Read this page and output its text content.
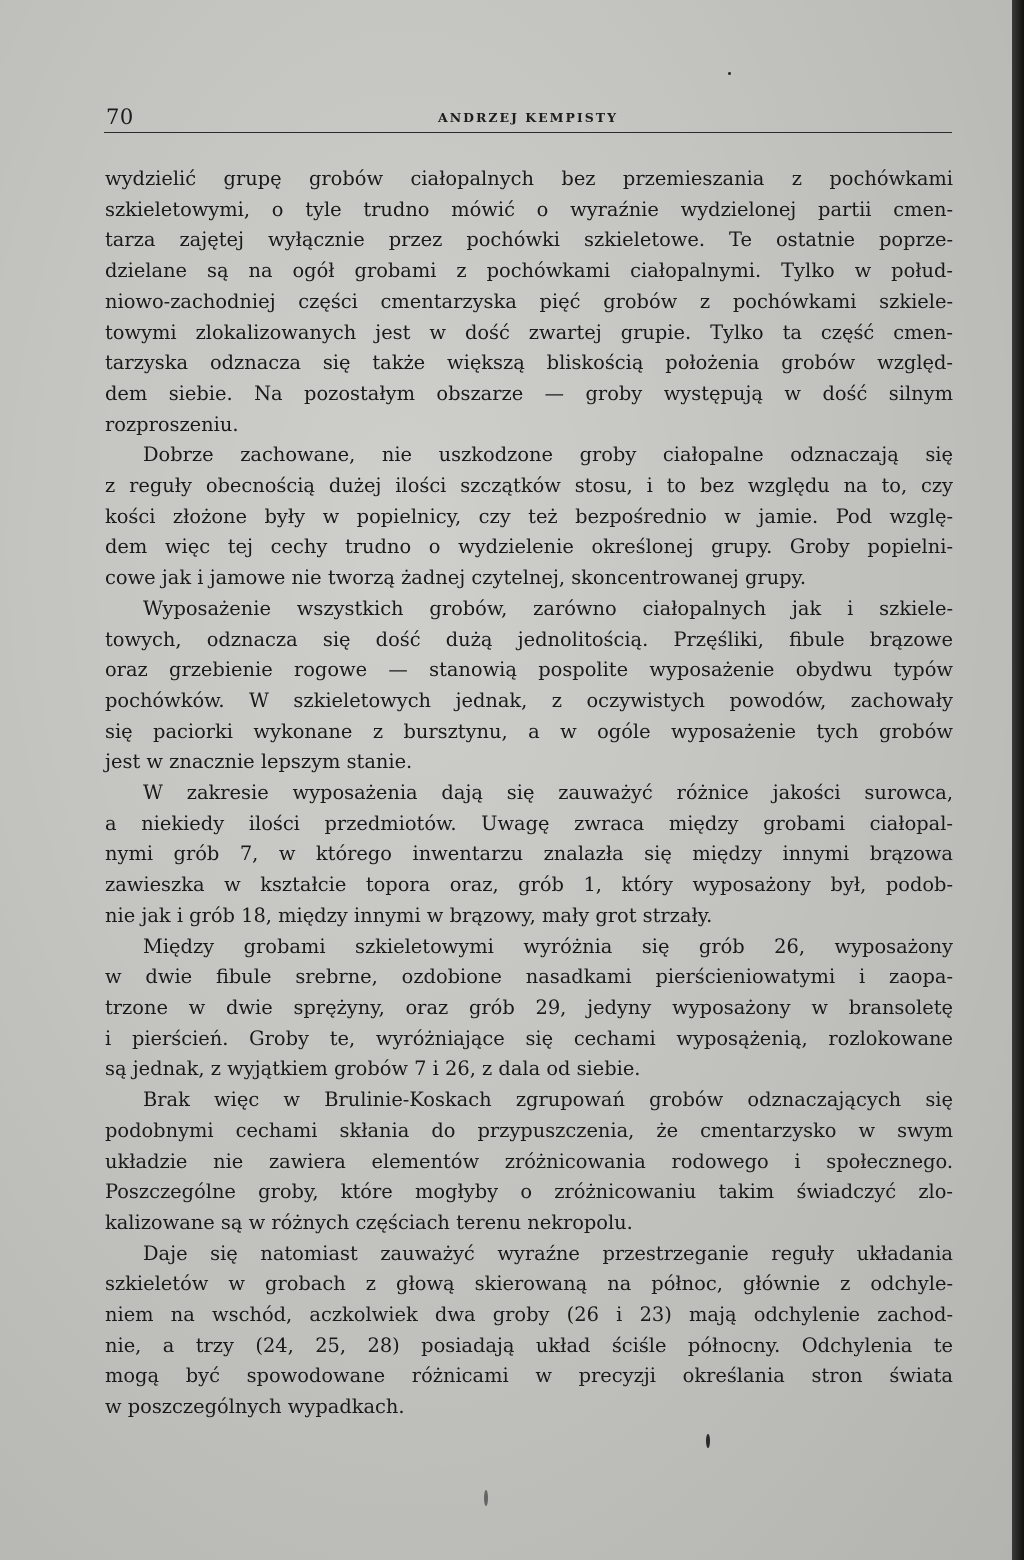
70	ANDRZEJ KEMPISTY
wydzielić grupę grobów ciałopalnych bez przemieszania z pochówkami
szkieletowymi, o tyle trudno mówić o wyraźnie wydzielonej partii cmen-
tarza zajętej wyłącznie przez pochówki szkieletowe. Te ostatnie poprze-
dzielane są na ogół grobami z pochówkami ciałopalnymi. Tylko w połud-
niowo-zachodniej części cmentarzyska pięć grobów z pochówkami szkiele-
towymi zlokalizowanych jest w dość zwartej grupie. Tylko ta część cmen-
tarzyska odznacza się także większą bliskością położenia grobów względ-
dem siebie. Na pozostałym obszarze — groby występują w dość silnym
rozproszeniu.
Dobrze zachowane, nie uszkodzone groby ciałopalne odznaczają się
z reguły obecnością dużej ilości szczątków stosu, i to bez względu na to, czy
kości złożone były w popielnicy, czy też bezpośrednio w jamie. Pod wzglę-
dem więc tej cechy trudno o wydzielenie określonej grupy. Groby popielni-
cowe jak i jamowe nie tworzą żadnej czytelnej, skoncentrowanej grupy.
Wyposażenie wszystkich grobów, zarówno ciałopalnych jak i szkiele-
towych, odznacza się dość dużą jednolitością. Przęśliki, fibule brązowe
oraz grzebienie rogowe — stanowią pospolite wyposażenie obydwu typów
pochówków. W szkieletowych jednak, z oczywistych powodów, zachowały
się paciorki wykonane z bursztynu, a w ogóle wyposażenie tych grobów
jest w znacznie lepszym stanie.
W zakresie wyposażenia dają się zauważyć różnice jakości surowca,
a niekiedy ilości przedmiotów. Uwagę zwraca między grobami ciałopal-
nymi grób 7, w którego inwentarzu znalazła się między innymi brązowa
zawieszka w kształcie topora oraz, grób 1, który wyposażony był, podob-
nie jak i grób 18, między innymi w brązowy, mały grot strzały.
Między grobami szkieletowymi wyróżnia się grób 26, wyposażony
w dwie fibule srebrne, ozdobione nasadkami pierścieniowatymi i zaopa-
trzone w dwie sprężyny, oraz grób 29, jedyny wyposażony w bransoletę
i pierścień. Groby te, wyróżniające się cechami wyposążenią, rozlokowane
są jednak, z wyjątkiem grobów 7 i 26, z dala od siebie.
Brak więc w Brulinie-Koskach zgrupowań grobów odznaczających się
podobnymi cechami skłania do przypuszczenia, że cmentarzysko w swym
układzie nie zawiera elementów zróżnicowania rodowego i społecznego.
Poszczególne groby, które mogłyby o zróżnicowaniu takim świadczyć zlo-
kalizowane są w różnych częściach terenu nekropolu.
Daje się natomiast zauważyć wyraźne przestrzeganie reguły układania
szkieletów w grobach z głową skierowaną na północ, głównie z odchyle-
niem na wschód, aczkolwiek dwa groby (26 i 23) mają odchylenie zachod-
nie, a trzy (24, 25, 28) posiadają układ ściśle północny. Odchylenia te
mogą być spowodowane różnicami w precyzji określania stron świata
w poszczególnych wypadkach.
